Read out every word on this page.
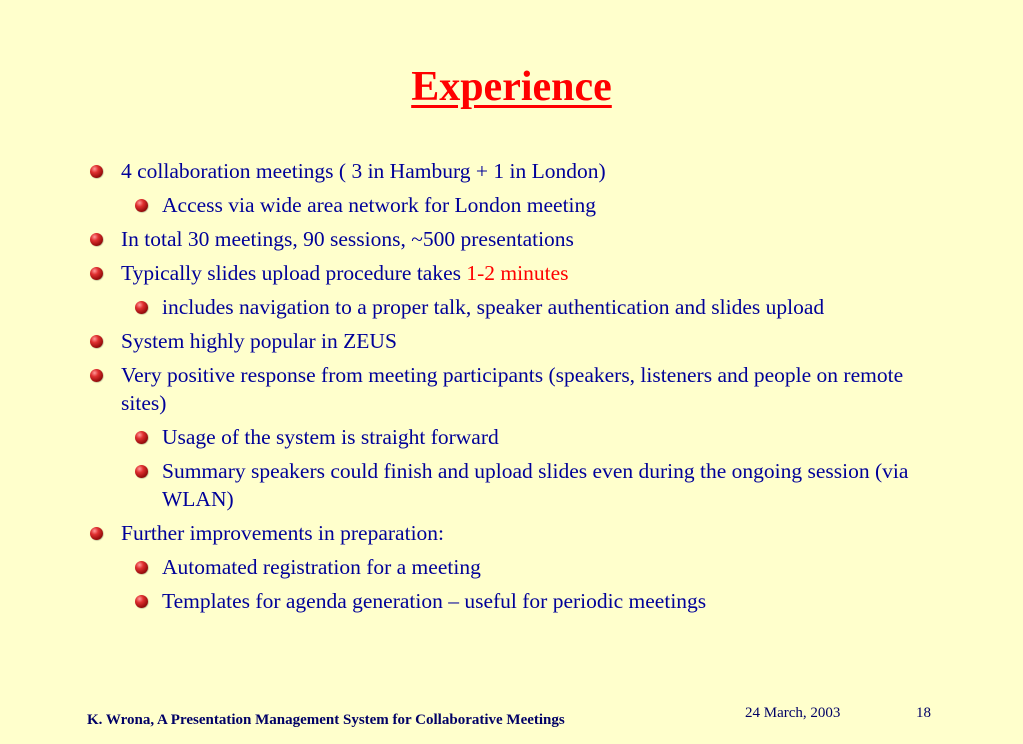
Experience
4 collaboration meetings ( 3 in Hamburg + 1 in London)
Access via wide area network for London meeting
In total 30 meetings, 90 sessions, ~500 presentations
Typically slides upload procedure takes 1-2 minutes
includes navigation to a proper talk, speaker authentication and slides upload
System highly popular in ZEUS
Very positive response from meeting participants (speakers, listeners and people on remote sites)
Usage of the system is straight forward
Summary speakers could finish and upload slides even during the ongoing session (via WLAN)
Further improvements in preparation:
Automated registration for a meeting
Templates for agenda generation – useful for periodic meetings
K. Wrona, A Presentation Management System for Collaborative Meetings	24 March, 2003	18
